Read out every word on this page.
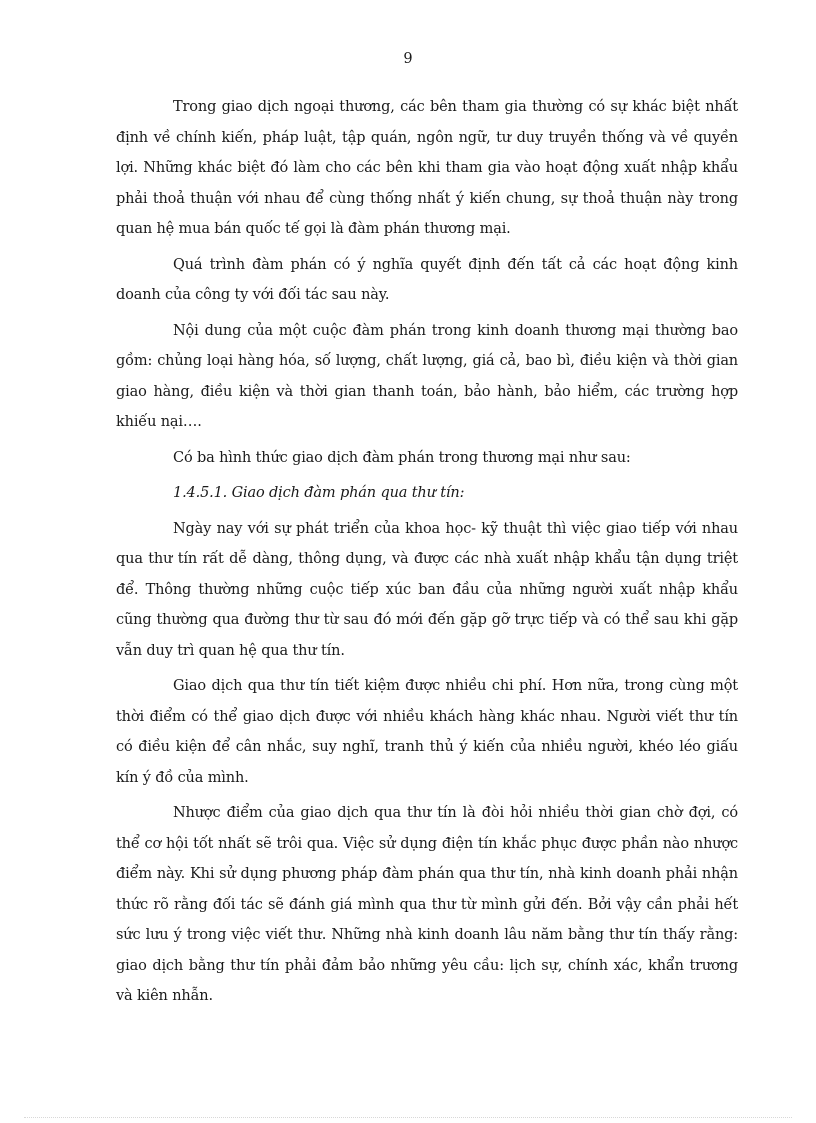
9

Trong giao dịch ngoại thương, các bên tham gia thường có sự khác biệt nhất định về chính kiến, pháp luật, tập quán, ngôn ngữ, tư duy truyền thống và về quyền lợi. Những khác biệt đó làm cho các bên khi tham gia vào hoạt động xuất nhập khẩu phải thoả thuận với nhau để cùng thống nhất ý kiến chung, sự thoả thuận này trong quan hệ mua bán quốc tế gọi là đàm phán thương mại.

Quá trình đàm phán có ý nghĩa quyết định đến tất cả các hoạt động kinh doanh của công ty với đối tác sau này.

Nội dung của một cuộc đàm phán trong kinh doanh thương mại thường bao gồm: chủng loại hàng hóa, số lượng, chất lượng, giá cả, bao bì, điều kiện và thời gian giao hàng, điều kiện và thời gian thanh toán, bảo hành, bảo hiểm, các trường hợp khiếu nại….

Có ba hình thức giao dịch đàm phán trong thương mại như sau:

1.4.5.1. Giao dịch đàm phán qua thư tín:

Ngày nay với sự phát triển của khoa học- kỹ thuật thì việc giao tiếp với nhau qua thư tín rất dễ dàng, thông dụng, và được các nhà xuất nhập khẩu tận dụng triệt để. Thông thường những cuộc tiếp xúc ban đầu của những người xuất nhập khẩu cũng thường qua đường thư từ sau đó mới đến gặp gỡ trực tiếp và có thể sau khi gặp vẫn duy trì quan hệ qua thư tín.

Giao dịch qua thư tín tiết kiệm được nhiều chi phí. Hơn nữa, trong cùng một thời điểm có thể giao dịch được với nhiều khách hàng khác nhau. Người viết thư tín có điều kiện để cân nhắc, suy nghĩ, tranh thủ ý kiến của nhiều người, khéo léo giấu kín ý đồ của mình.

Nhược điểm của giao dịch qua thư tín là đòi hỏi nhiều thời gian chờ đợi, có thể cơ hội tốt nhất sẽ trôi qua. Việc sử dụng điện tín khắc phục được phần nào nhược điểm này. Khi sử dụng phương pháp đàm phán qua thư tín, nhà kinh doanh phải nhận thức rõ rằng đối tác sẽ đánh giá mình qua thư từ mình gửi đến. Bởi vậy cần phải hết sức lưu ý trong việc viết thư. Những nhà kinh doanh lâu năm bằng thư tín thấy rằng: giao dịch bằng thư tín phải đảm bảo những yêu cầu: lịch sự, chính xác, khẩn trương và kiên nhẫn.
